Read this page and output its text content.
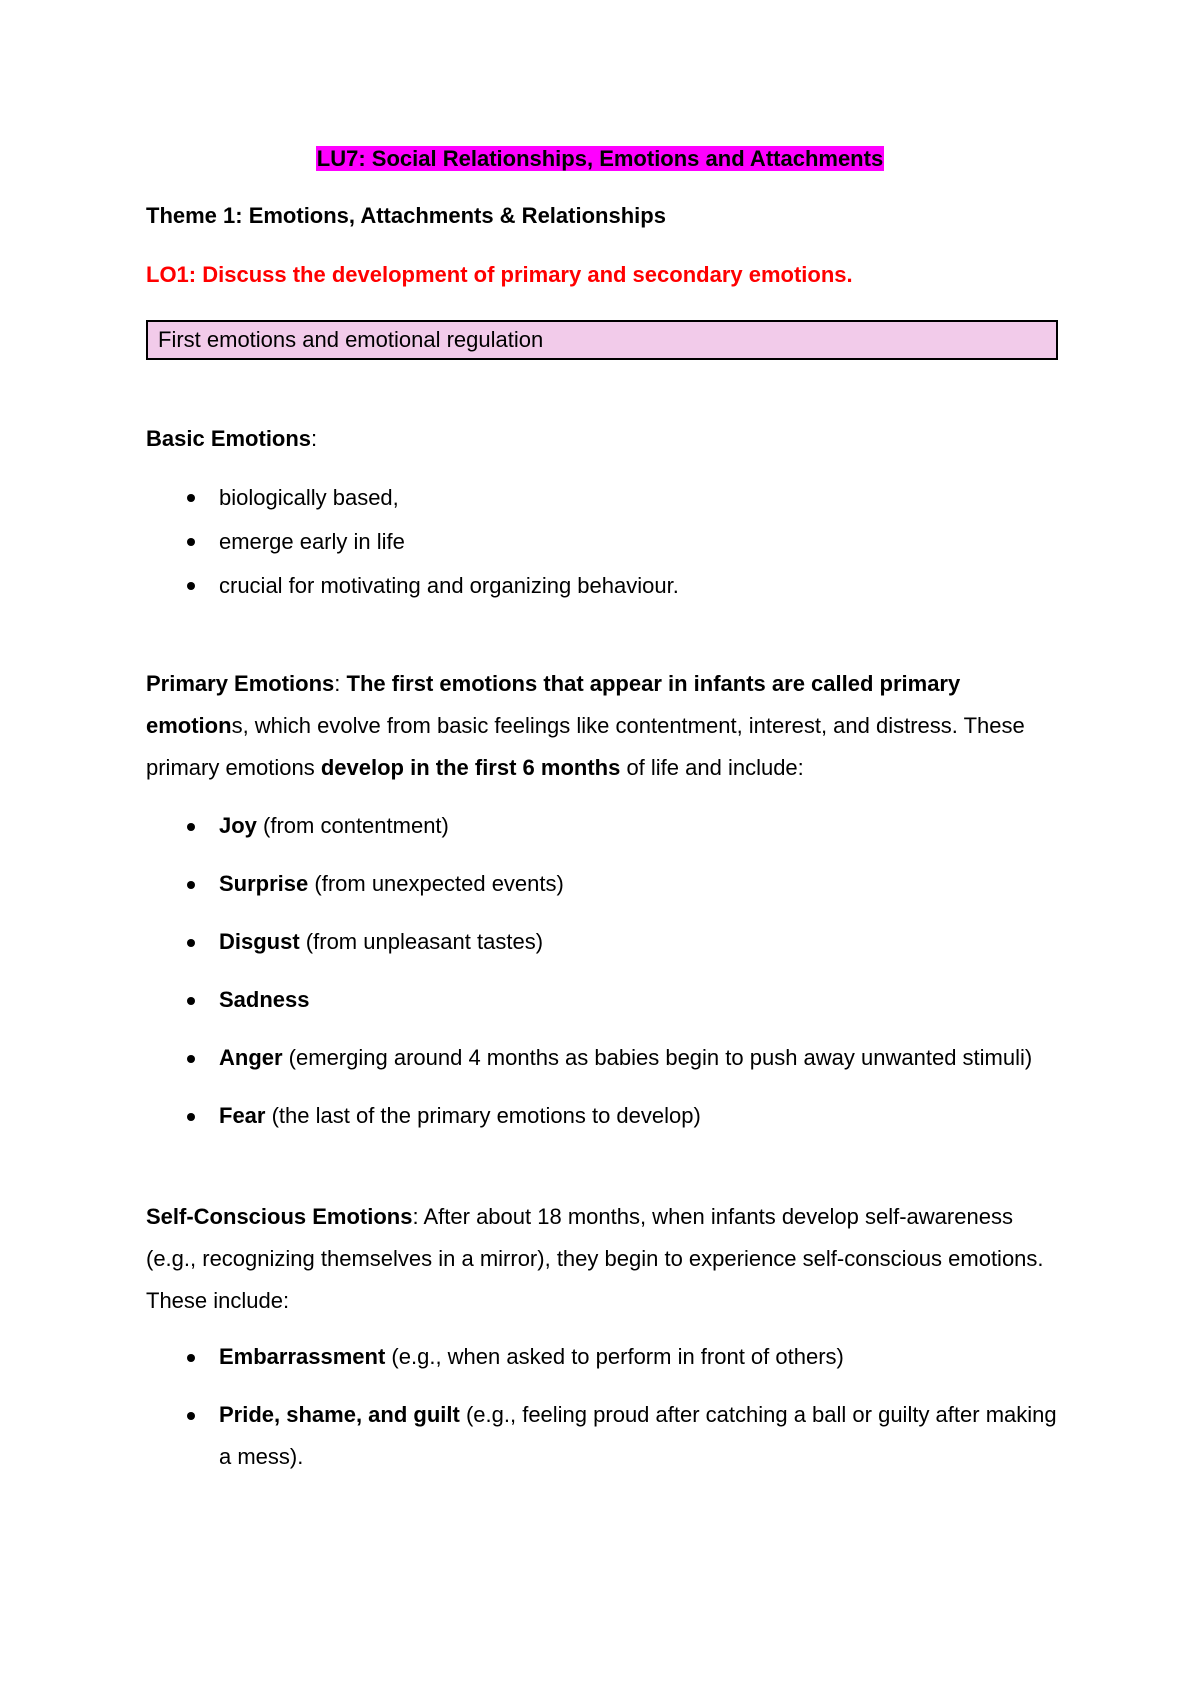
LU7: Social Relationships, Emotions and Attachments
Theme 1: Emotions, Attachments & Relationships
LO1: Discuss the development of primary and secondary emotions.
First emotions and emotional regulation

Basic Emotions:

biologically based,
emerge early in life
crucial for motivating and organizing behaviour.

Primary Emotions: The first emotions that appear in infants are called primary emotions, which evolve from basic feelings like contentment, interest, and distress. These primary emotions develop in the first 6 months of life and include:

Joy (from contentment)
Surprise (from unexpected events)
Disgust (from unpleasant tastes)
Sadness
Anger (emerging around 4 months as babies begin to push away unwanted stimuli)
Fear (the last of the primary emotions to develop)

Self-Conscious Emotions: After about 18 months, when infants develop self-awareness (e.g., recognizing themselves in a mirror), they begin to experience self-conscious emotions. These include:

Embarrassment (e.g., when asked to perform in front of others)
Pride, shame, and guilt (e.g., feeling proud after catching a ball or guilty after making a mess).
